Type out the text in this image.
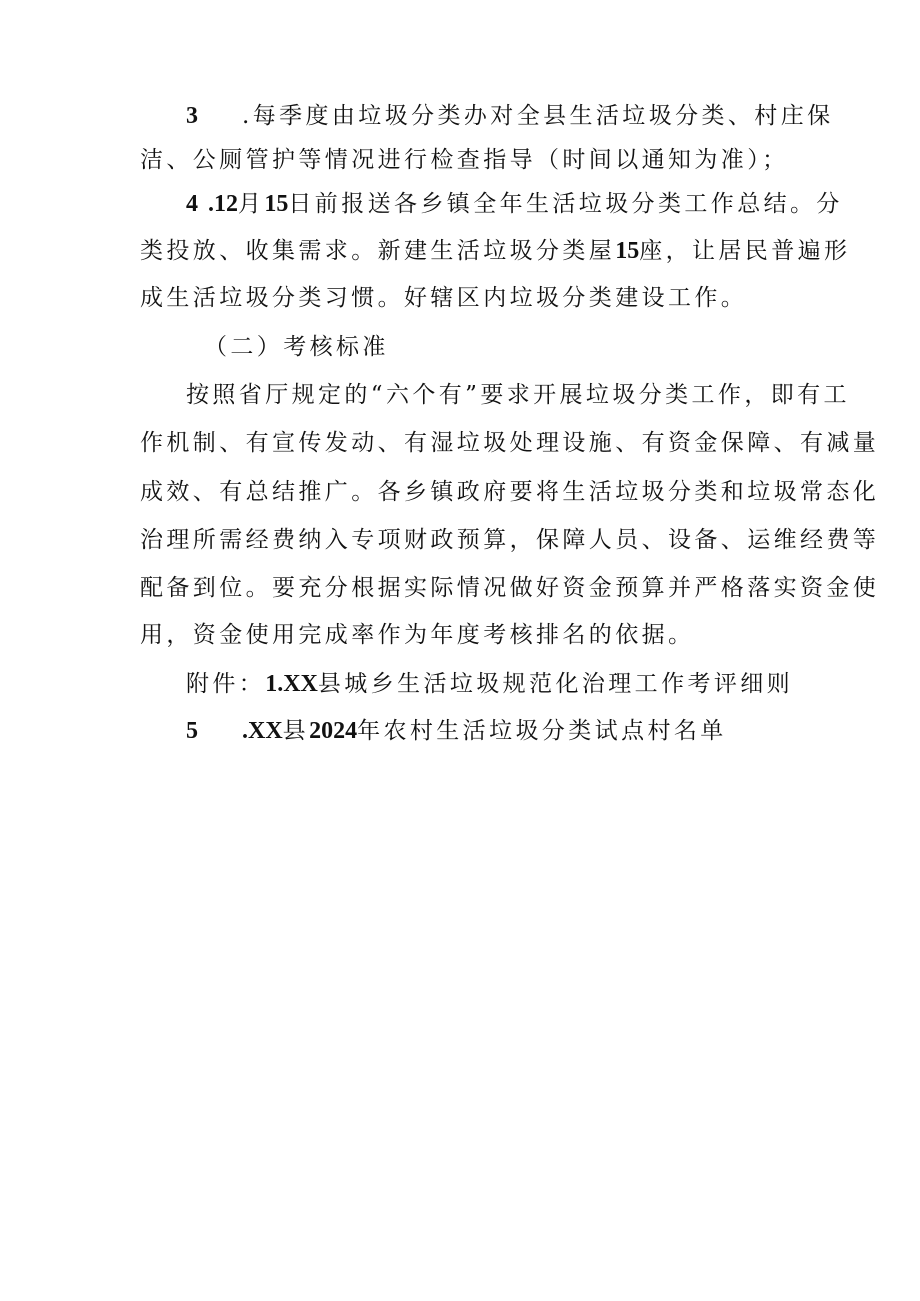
3 .每季度由垃圾分类办对全县生活垃圾分类、村庄保
洁、公厕管护等情况进行检查指导（时间以通知为准）；
4 .12月15日前报送各乡镇全年生活垃圾分类工作总结。分
类投放、收集需求。新建生活垃圾分类屋15座，让居民普遍形
成生活垃圾分类习惯。好辖区内垃圾分类建设工作。
（二）考核标准
按照省厅规定的“六个有”要求开展垃圾分类工作，即有工
作机制、有宣传发动、有湿垃圾处理设施、有资金保障、有减量
成效、有总结推广。各乡镇政府要将生活垃圾分类和垃圾常态化
治理所需经费纳入专项财政预算，保障人员、设备、运维经费等
配备到位。要充分根据实际情况做好资金预算并严格落实资金使
用，资金使用完成率作为年度考核排名的依据。
附件：1.XX县城乡生活垃圾规范化治理工作考评细则
5 .XX县2024年农村生活垃圾分类试点村名单
